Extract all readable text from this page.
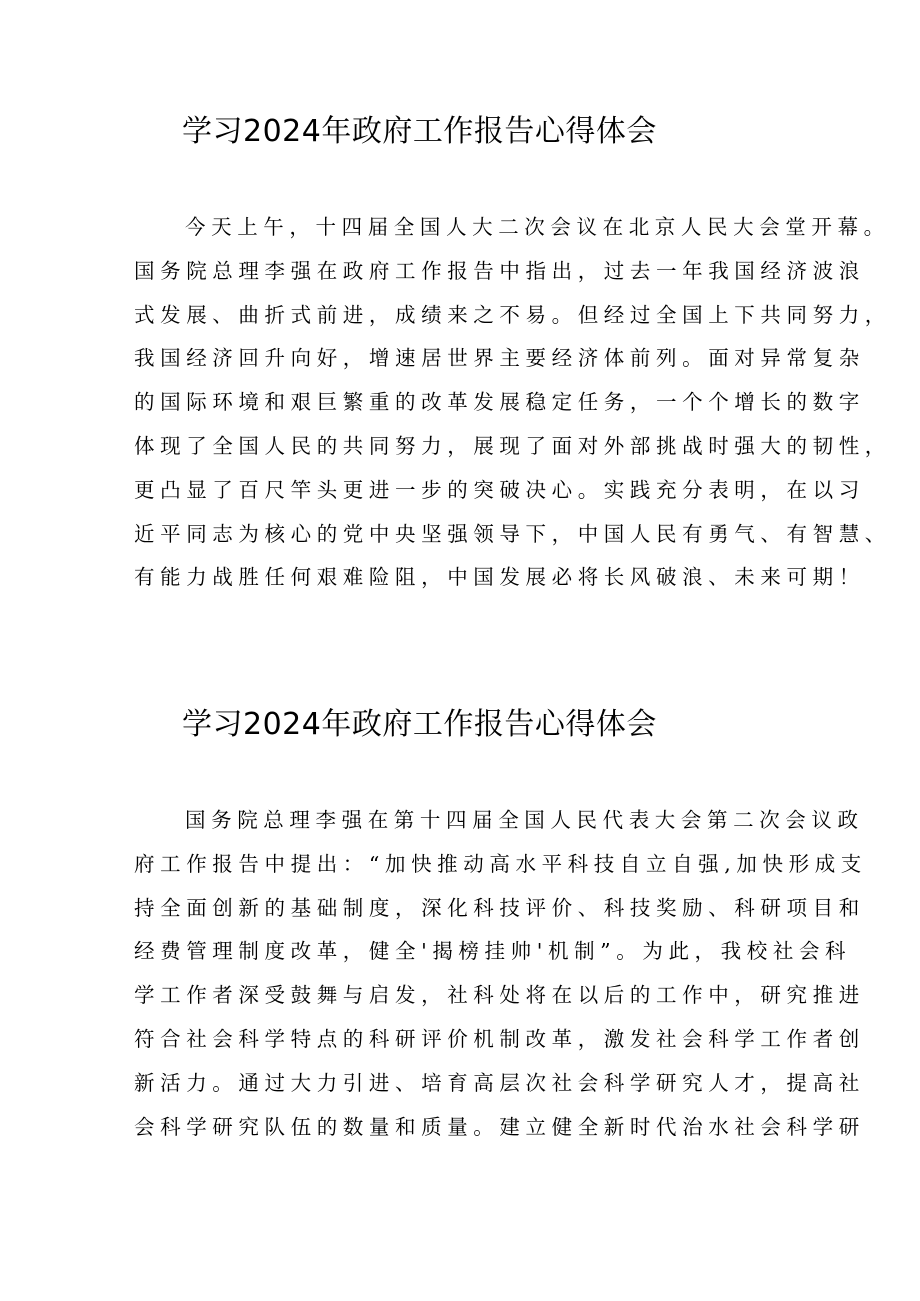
学习2024年政府工作报告心得体会
今天上午，十四届全国人大二次会议在北京人民大会堂开幕。
国务院总理李强在政府工作报告中指出，过去一年我国经济波浪
式发展、曲折式前进，成绩来之不易。但经过全国上下共同努力，
我国经济回升向好，增速居世界主要经济体前列。面对异常复杂
的国际环境和艰巨繁重的改革发展稳定任务，一个个增长的数字
体现了全国人民的共同努力，展现了面对外部挑战时强大的韧性，
更凸显了百尺竿头更进一步的突破决心。实践充分表明，在以习
近平同志为核心的党中央坚强领导下，中国人民有勇气、有智慧、
有能力战胜任何艰难险阻，中国发展必将长风破浪、未来可期！
学习2024年政府工作报告心得体会
国务院总理李强在第十四届全国人民代表大会第二次会议政
府工作报告中提出：“加快推动高水平科技自立自强,加快形成支
持全面创新的基础制度，深化科技评价、科技奖励、科研项目和
经费管理制度改革，健全'揭榜挂帅'机制”。为此，我校社会科
学工作者深受鼓舞与启发，社科处将在以后的工作中，研究推进
符合社会科学特点的科研评价机制改革，激发社会科学工作者创
新活力。通过大力引进、培育高层次社会科学研究人才，提高社
会科学研究队伍的数量和质量。建立健全新时代治水社会科学研
